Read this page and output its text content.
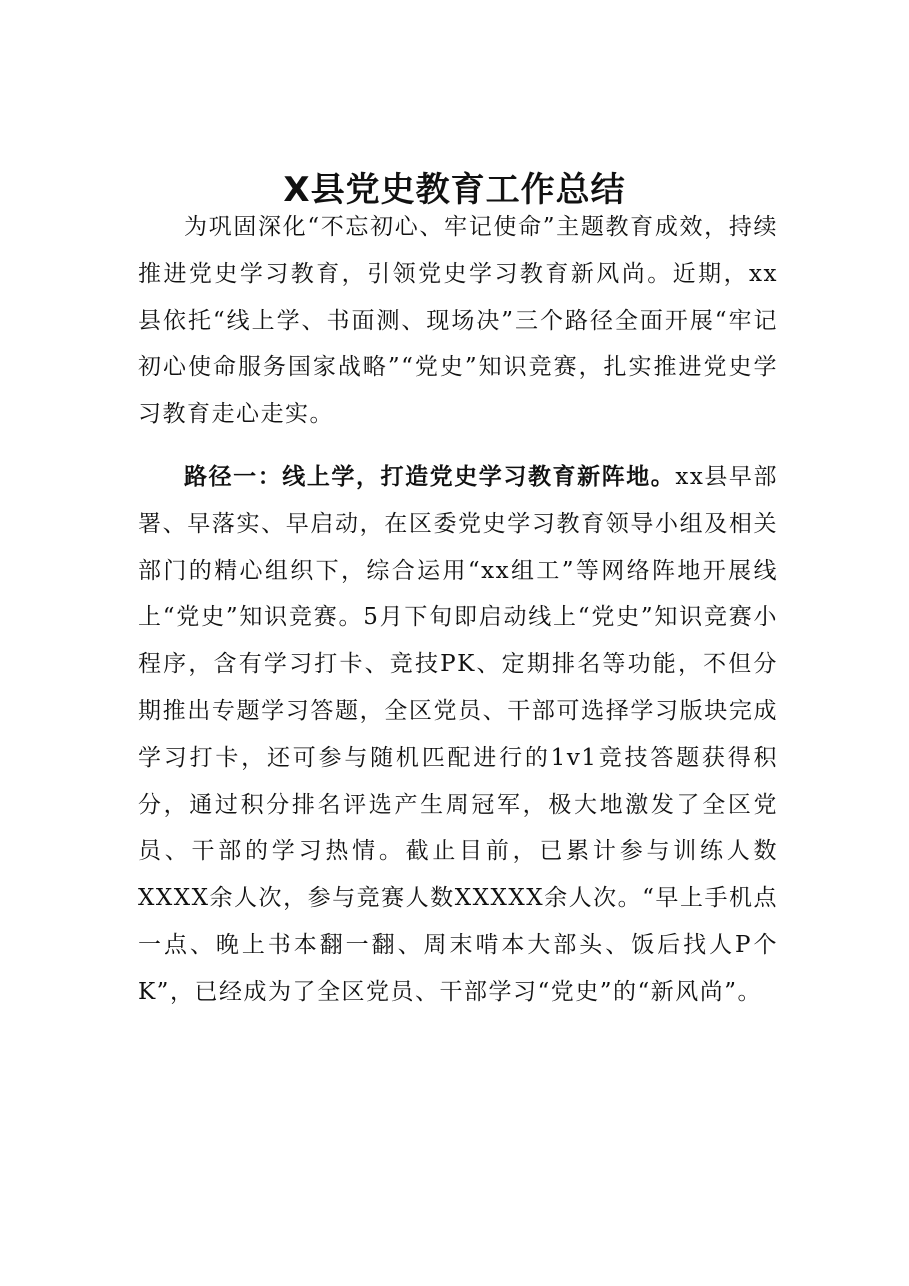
X县党史教育工作总结

为巩固深化“不忘初心、牢记使命”主题教育成效，持续推进党史学习教育，引领党史学习教育新风尚。近期，xx县依托“线上学、书面测、现场决”三个路径全面开展“牢记初心使命服务国家战略”“党史”知识竞赛，扎实推进党史学习教育走心走实。

路径一：线上学，打造党史学习教育新阵地。xx县早部署、早落实、早启动，在区委党史学习教育领导小组及相关部门的精心组织下，综合运用“xx组工”等网络阵地开展线上“党史”知识竞赛。5月下旬即启动线上“党史”知识竞赛小程序，含有学习打卡、竞技PK、定期排名等功能，不但分期推出专题学习答题，全区党员、干部可选择学习版块完成学习打卡，还可参与随机匹配进行的1v1竞技答题获得积分，通过积分排名评选产生周冠军，极大地激发了全区党员、干部的学习热情。截止目前，已累计参与训练人数XXXX余人次，参与竞赛人数XXXXX余人次。“早上手机点一点、晚上书本翻一翻、周末啃本大部头、饭后找人P个K”，已经成为了全区党员、干部学习“党史”的“新风尚”。
